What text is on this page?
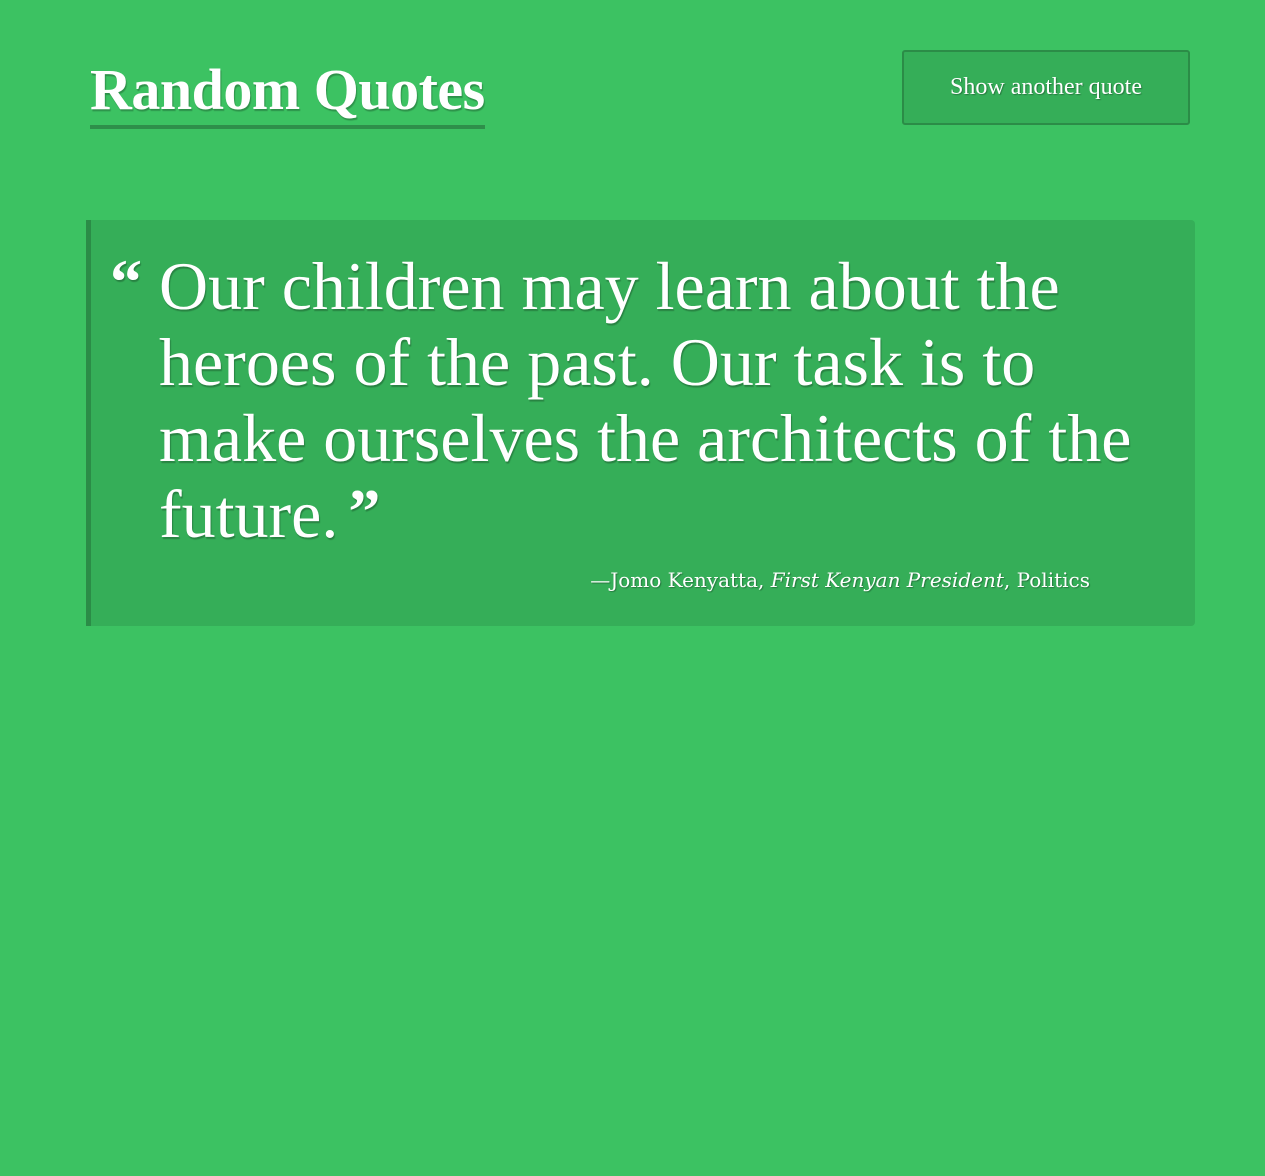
Random Quotes	Show another quote
“ Our children may learn about the heroes of the past. Our task is to make ourselves the architects of the future. ”

—Jomo Kenyatta, First Kenyan President, Politics
